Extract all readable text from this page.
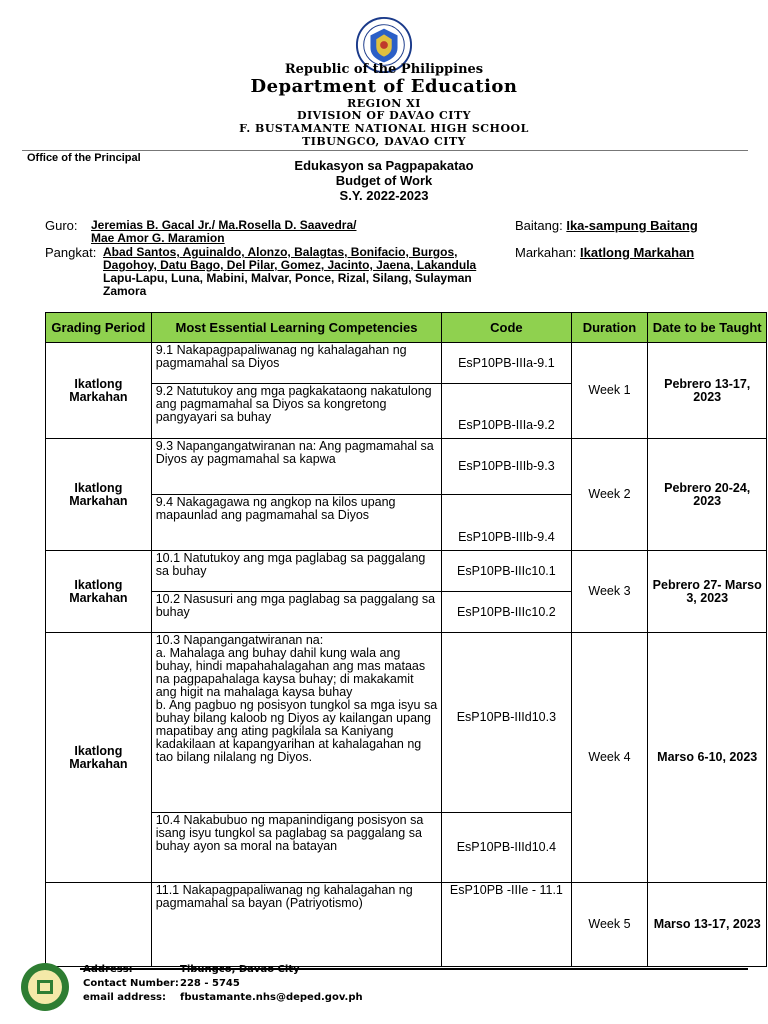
Republic of the Philippines
Department of Education
REGION XI
DIVISION OF DAVAO CITY
F. BUSTAMANTE NATIONAL HIGH SCHOOL
TIBUNGCO, DAVAO CITY
Office of the Principal	Edukasyon sa Pagpapakatao
Budget of Work
S.Y. 2022-2023
Guro: Jeremias B. Gacal Jr./ Ma.Rosella D. Saavedra/
Mae Amor G. Maramion
Pangkat: Abad Santos, Aguinaldo, Alonzo, Balagtas, Bonifacio, Burgos,
Dagohoy, Datu Bago, Del Pilar, Gomez, Jacinto, Jaena, Lakandula
Lapu-Lapu, Luna, Mabini, Malvar, Ponce, Rizal, Silang, Sulayman
Zamora
Baitang: Ika-sampung Baitang
Markahan: Ikatlong Markahan
Grading Period	Most Essential Learning Competencies	Code	Duration	Date to be Taught
Ikatlong Markahan	9.1 Nakapagpapaliwanag ng kahalagahan ng pagmamahal sa Diyos	EsP10PB-IIIa-9.1	Week 1	Pebrero 13-17, 2023
	9.2 Natutukoy ang mga pagkakataong nakatulong ang pagmamahal sa Diyos sa kongretong pangyayari sa buhay	EsP10PB-IIIa-9.2		
Ikatlong Markahan	9.3 Napangangatwiranan na: Ang pagmamahal sa Diyos ay pagmamahal sa kapwa	EsP10PB-IIIb-9.3	Week 2	Pebrero 20-24, 2023
	9.4 Nakagagawa ng angkop na kilos upang mapaunlad ang pagmamahal sa Diyos	EsP10PB-IIIb-9.4		
Ikatlong Markahan	10.1 Natutukoy ang mga paglabag sa paggalang sa buhay	EsP10PB-IIIc10.1	Week 3	Pebrero 27- Marso 3, 2023
	10.2 Nasusuri ang mga paglabag sa paggalang sa buhay	EsP10PB-IIIc10.2		
Ikatlong Markahan	10.3 Napangangatwiranan na:
a. Mahalaga ang buhay dahil kung wala ang buhay, hindi mapahahalagahan ang mas mataas na pagpapahalaga kaysa buhay; di makakamit ang higit na mahalaga kaysa buhay
b. Ang pagbuo ng posisyon tungkol sa mga isyu sa buhay bilang kaloob ng Diyos ay kailangan upang mapatibay ang ating pagkilala sa Kaniyang kadakilaan at kapangyarihan at kahalagahan ng tao bilang nilalang ng Diyos.	EsP10PB-IIId10.3	Week 4	Marso 6-10, 2023
	10.4 Nakabubuo ng mapanindigang posisyon sa isang isyu tungkol sa paglabag sa paggalang sa buhay ayon sa moral na batayan	EsP10PB-IIId10.4		
	11.1 Nakapagpapaliwanag ng kahalagahan ng pagmamahal sa bayan (Patriyotismo)	EsP10PB -IIIe - 11.1	Week 5	Marso 13-17, 2023
Address:	Tibungco, Davao City
Contact Number: 228 - 5745
email address: fbustamante.nhs@deped.gov.ph
